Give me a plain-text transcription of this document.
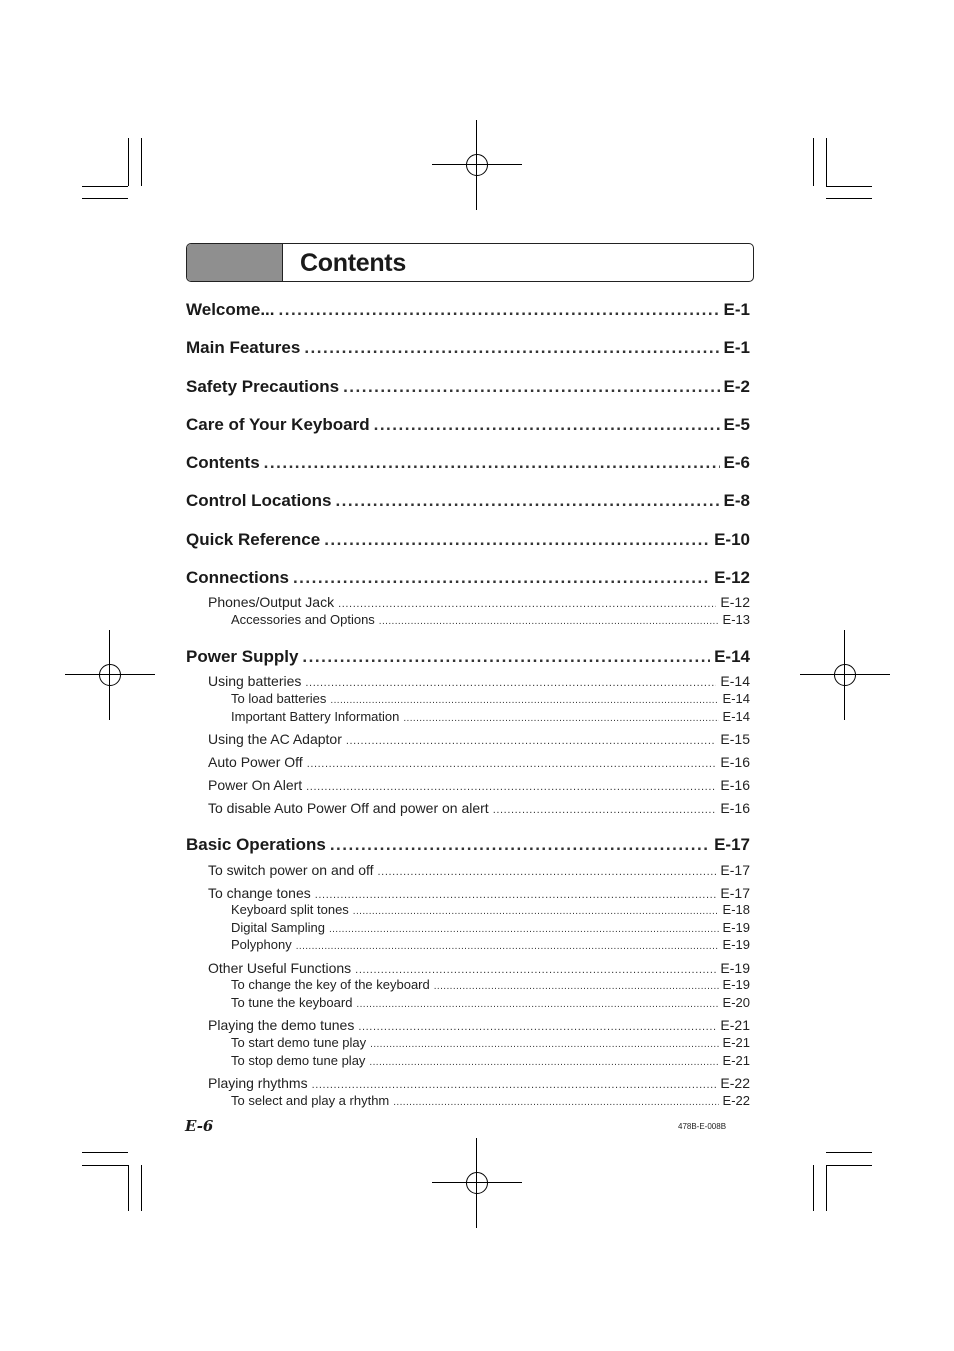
Contents
Welcome... .....	E-1
Main Features .....	E-1
Safety Precautions .....	E-2
Care of Your Keyboard .....	E-5
Contents .....	E-6
Control Locations .....	E-8
Quick Reference .....	E-10
Connections .....	E-12
Phones/Output Jack .....	E-12
Accessories and Options .....	E-13
Power Supply .....	E-14
Using batteries .....	E-14
To load batteries .....	E-14
Important Battery Information .....	E-14
Using the AC Adaptor .....	E-15
Auto Power Off .....	E-16
Power On Alert .....	E-16
To disable Auto Power Off and power on alert .....	E-16
Basic Operations .....	E-17
To switch power on and off .....	E-17
To change tones .....	E-17
Keyboard split tones .....	E-18
Digital Sampling .....	E-19
Polyphony .....	E-19
Other Useful Functions .....	E-19
To change the key of the keyboard .....	E-19
To tune the keyboard .....	E-20
Playing the demo tunes .....	E-21
To start demo tune play .....	E-21
To stop demo tune play .....	E-21
Playing rhythms .....	E-22
To select and play a rhythm .....	E-22
E-6	478B-E-008B
